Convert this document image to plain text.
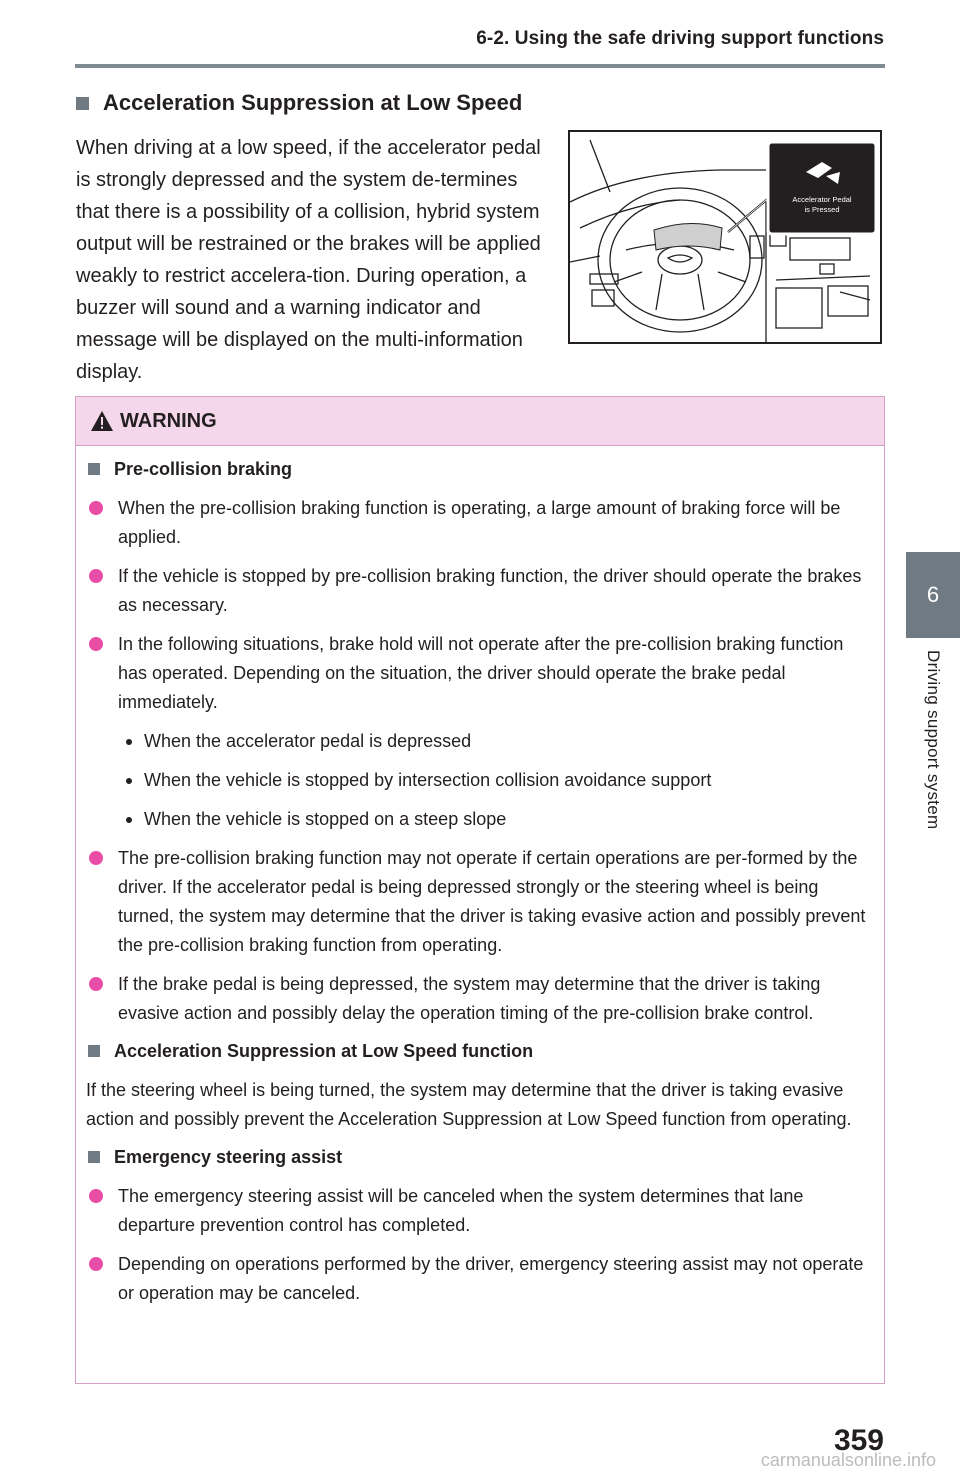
6-2. Using the safe driving support functions
6
Driving support system
Acceleration Suppression at Low Speed
When driving at a low speed, if the accelerator pedal is strongly depressed and the system de-termines that there is a possibility of a collision, hybrid system output will be restrained or the brakes will be applied weakly to restrict accelera-tion. During operation, a buzzer will sound and a warning indicator and message will be displayed on the multi-information display.
Accelerator Pedal
is Pressed
WARNING
Pre-collision braking
When the pre-collision braking function is operating, a large amount of braking force will be applied.
If the vehicle is stopped by pre-collision braking function, the driver should operate the brakes as necessary.
In the following situations, brake hold will not operate after the pre-collision braking function has operated. Depending on the situation, the driver should operate the brake pedal immediately.
When the accelerator pedal is depressed
When the vehicle is stopped by intersection collision avoidance support
When the vehicle is stopped on a steep slope
The pre-collision braking function may not operate if certain operations are per-formed by the driver. If the accelerator pedal is being depressed strongly or the steering wheel is being turned, the system may determine that the driver is taking evasive action and possibly prevent the pre-collision braking function from operating.
If the brake pedal is being depressed, the system may determine that the driver is taking evasive action and possibly delay the operation timing of the pre-collision brake control.
Acceleration Suppression at Low Speed function
If the steering wheel is being turned, the system may determine that the driver is taking evasive action and possibly prevent the Acceleration Suppression at Low Speed function from operating.
Emergency steering assist
The emergency steering assist will be canceled when the system determines that lane departure prevention control has completed.
Depending on operations performed by the driver, emergency steering assist may not operate or operation may be canceled.
359
carmanualsonline.info
